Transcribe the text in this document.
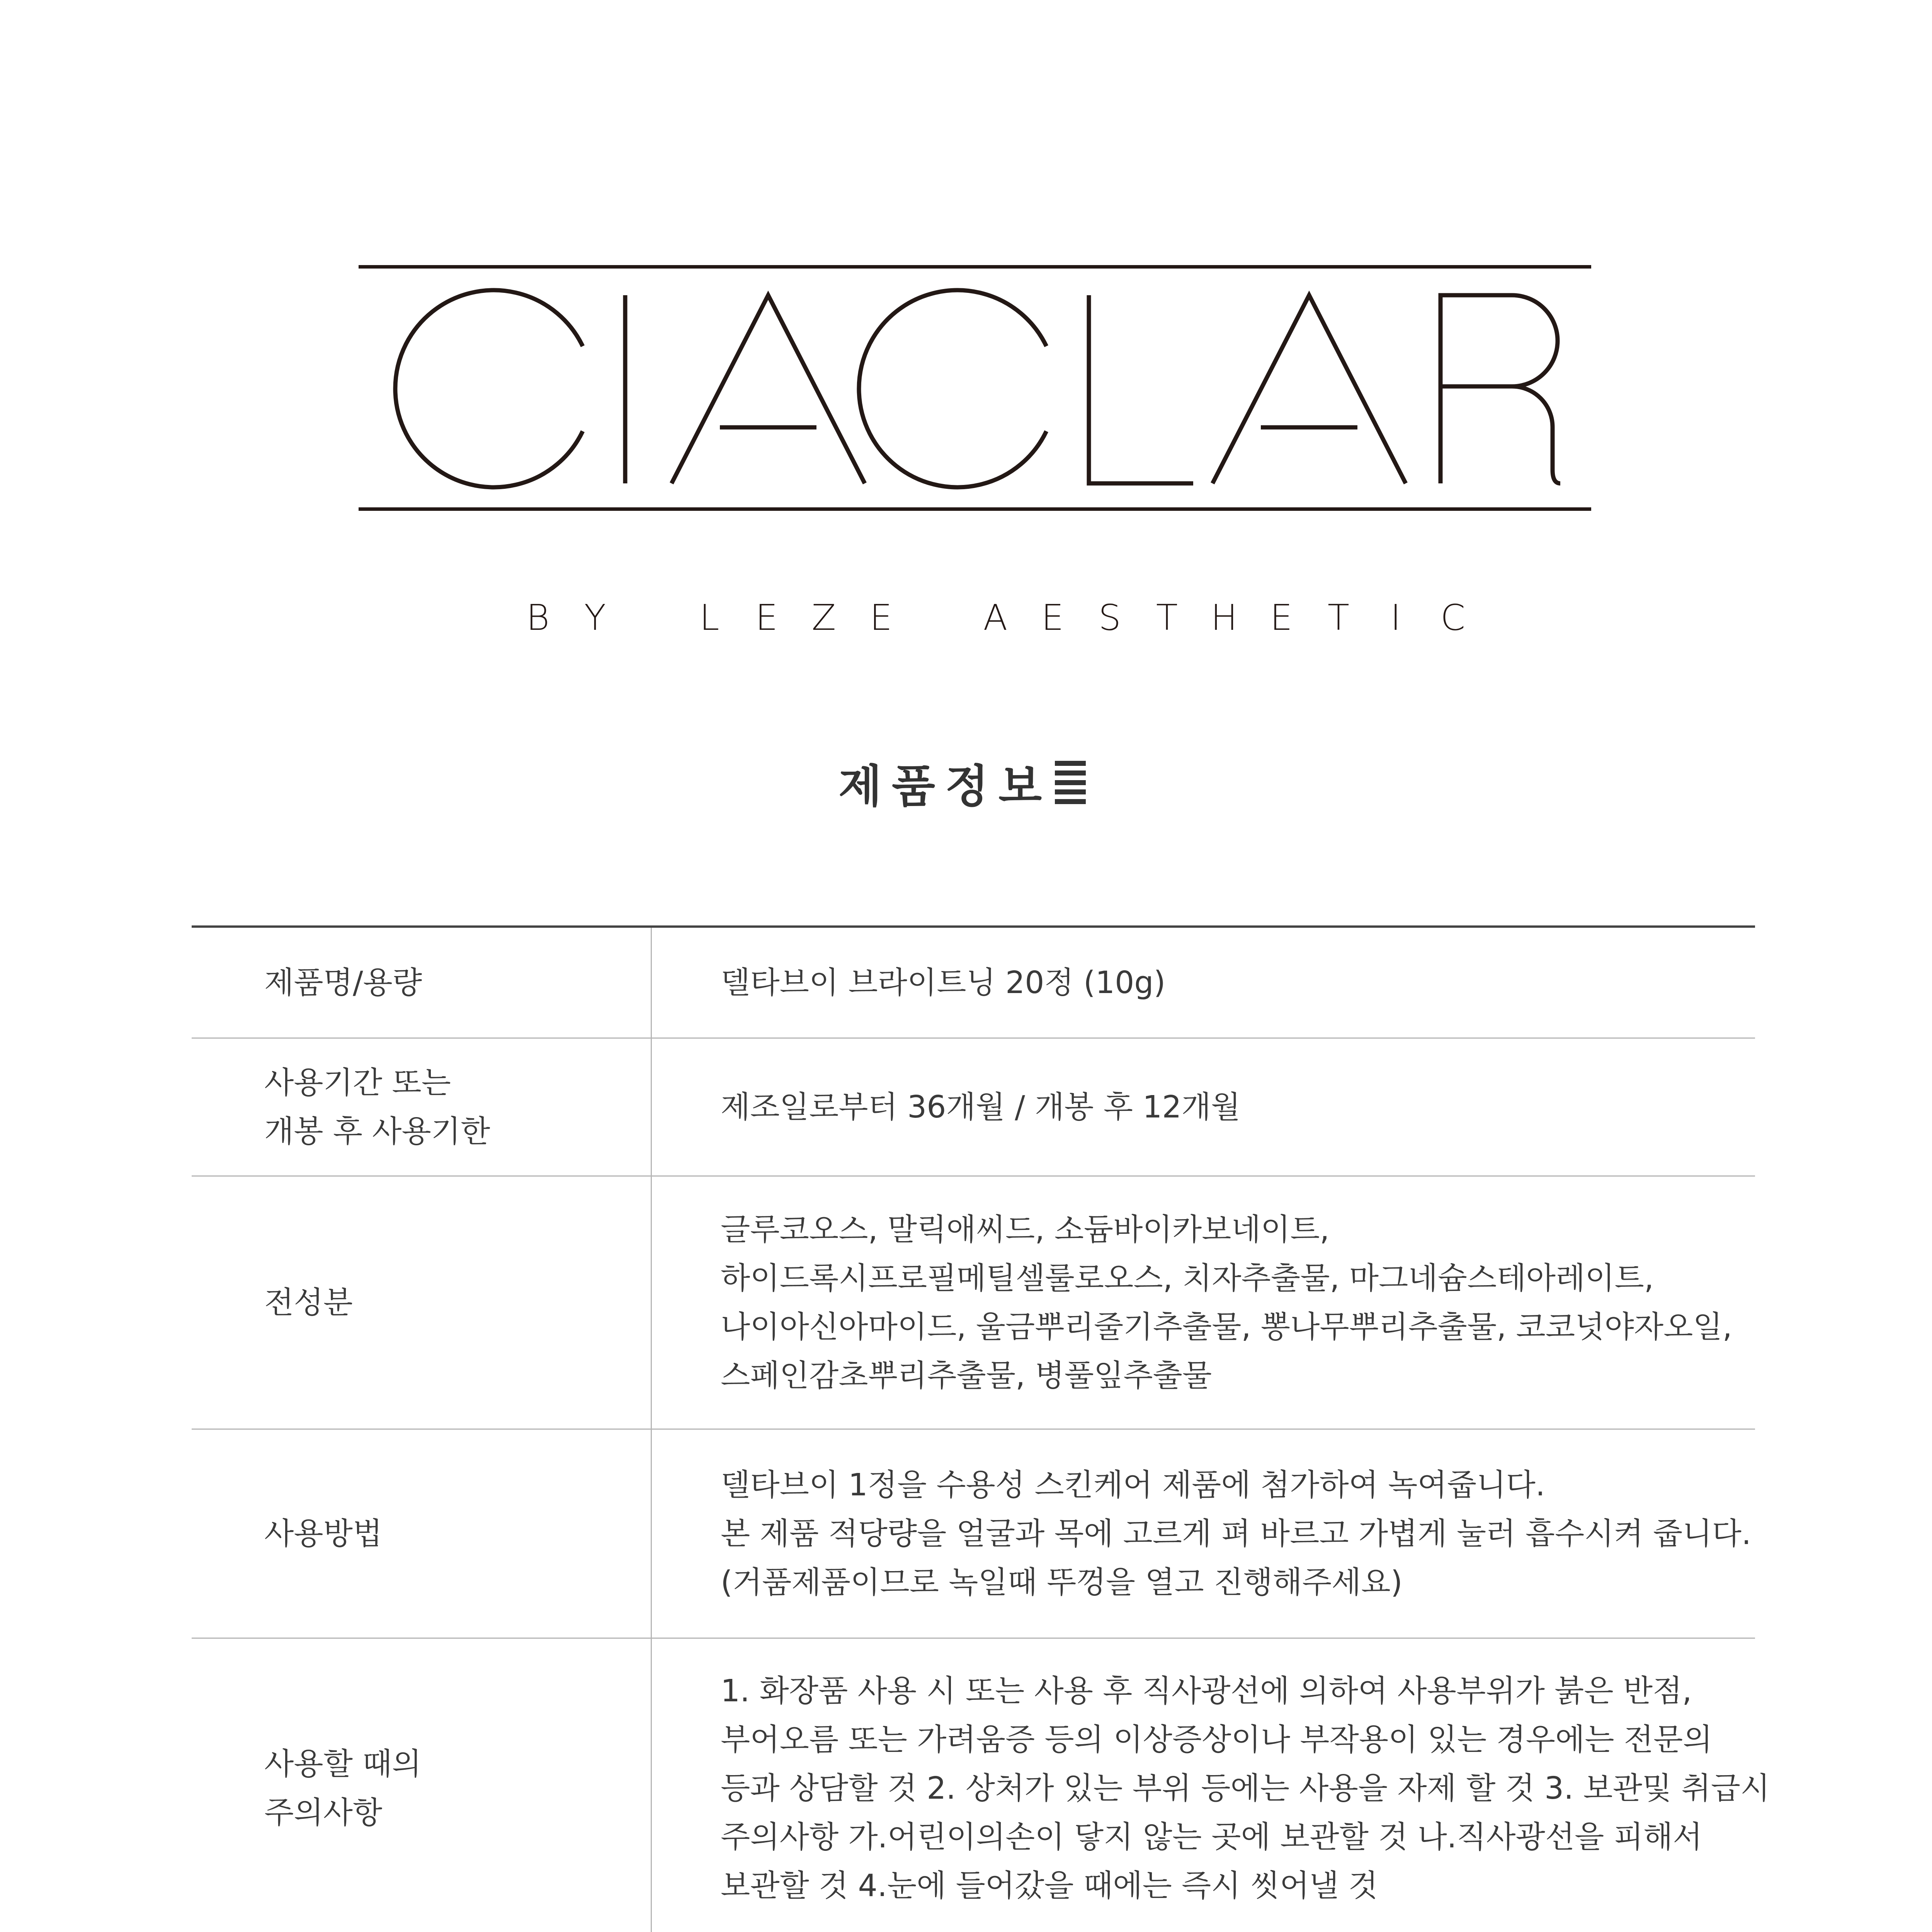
B Y	L E Z E	A E S T H E T I C
제품정보
제품명/용량	델타브이 브라이트닝 20정 (10g)

사용기간 또는
개봉 후 사용기한	제조일로부터 36개월 / 개봉 후 12개월

전성분	글루코오스, 말릭애씨드, 소듐바이카보네이트,
하이드록시프로필메틸셀룰로오스, 치자추출물, 마그네슘스테아레이트,
나이아신아마이드, 울금뿌리줄기추출물, 뽕나무뿌리추출물, 코코넛야자오일,
스페인감초뿌리추출물, 병풀잎추출물

사용방법	델타브이 1정을 수용성 스킨케어 제품에 첨가하여 녹여줍니다.
본 제품 적당량을 얼굴과 목에 고르게 펴 바르고 가볍게 눌러 흡수시켜 줍니다.
(거품제품이므로 녹일때 뚜껑을 열고 진행해주세요)

사용할 때의
주의사항	1. 화장품 사용 시 또는 사용 후 직사광선에 의하여 사용부위가 붉은 반점,
부어오름 또는 가려움증 등의 이상증상이나 부작용이 있는 경우에는 전문의
등과 상담할 것 2. 상처가 있는 부위 등에는 사용을 자제 할 것 3. 보관및 취급시
주의사항 가.어린이의손이 닿지 않는 곳에 보관할 것 나.직사광선을 피해서
보관할 것 4.눈에 들어갔을 때에는 즉시 씻어낼 것
